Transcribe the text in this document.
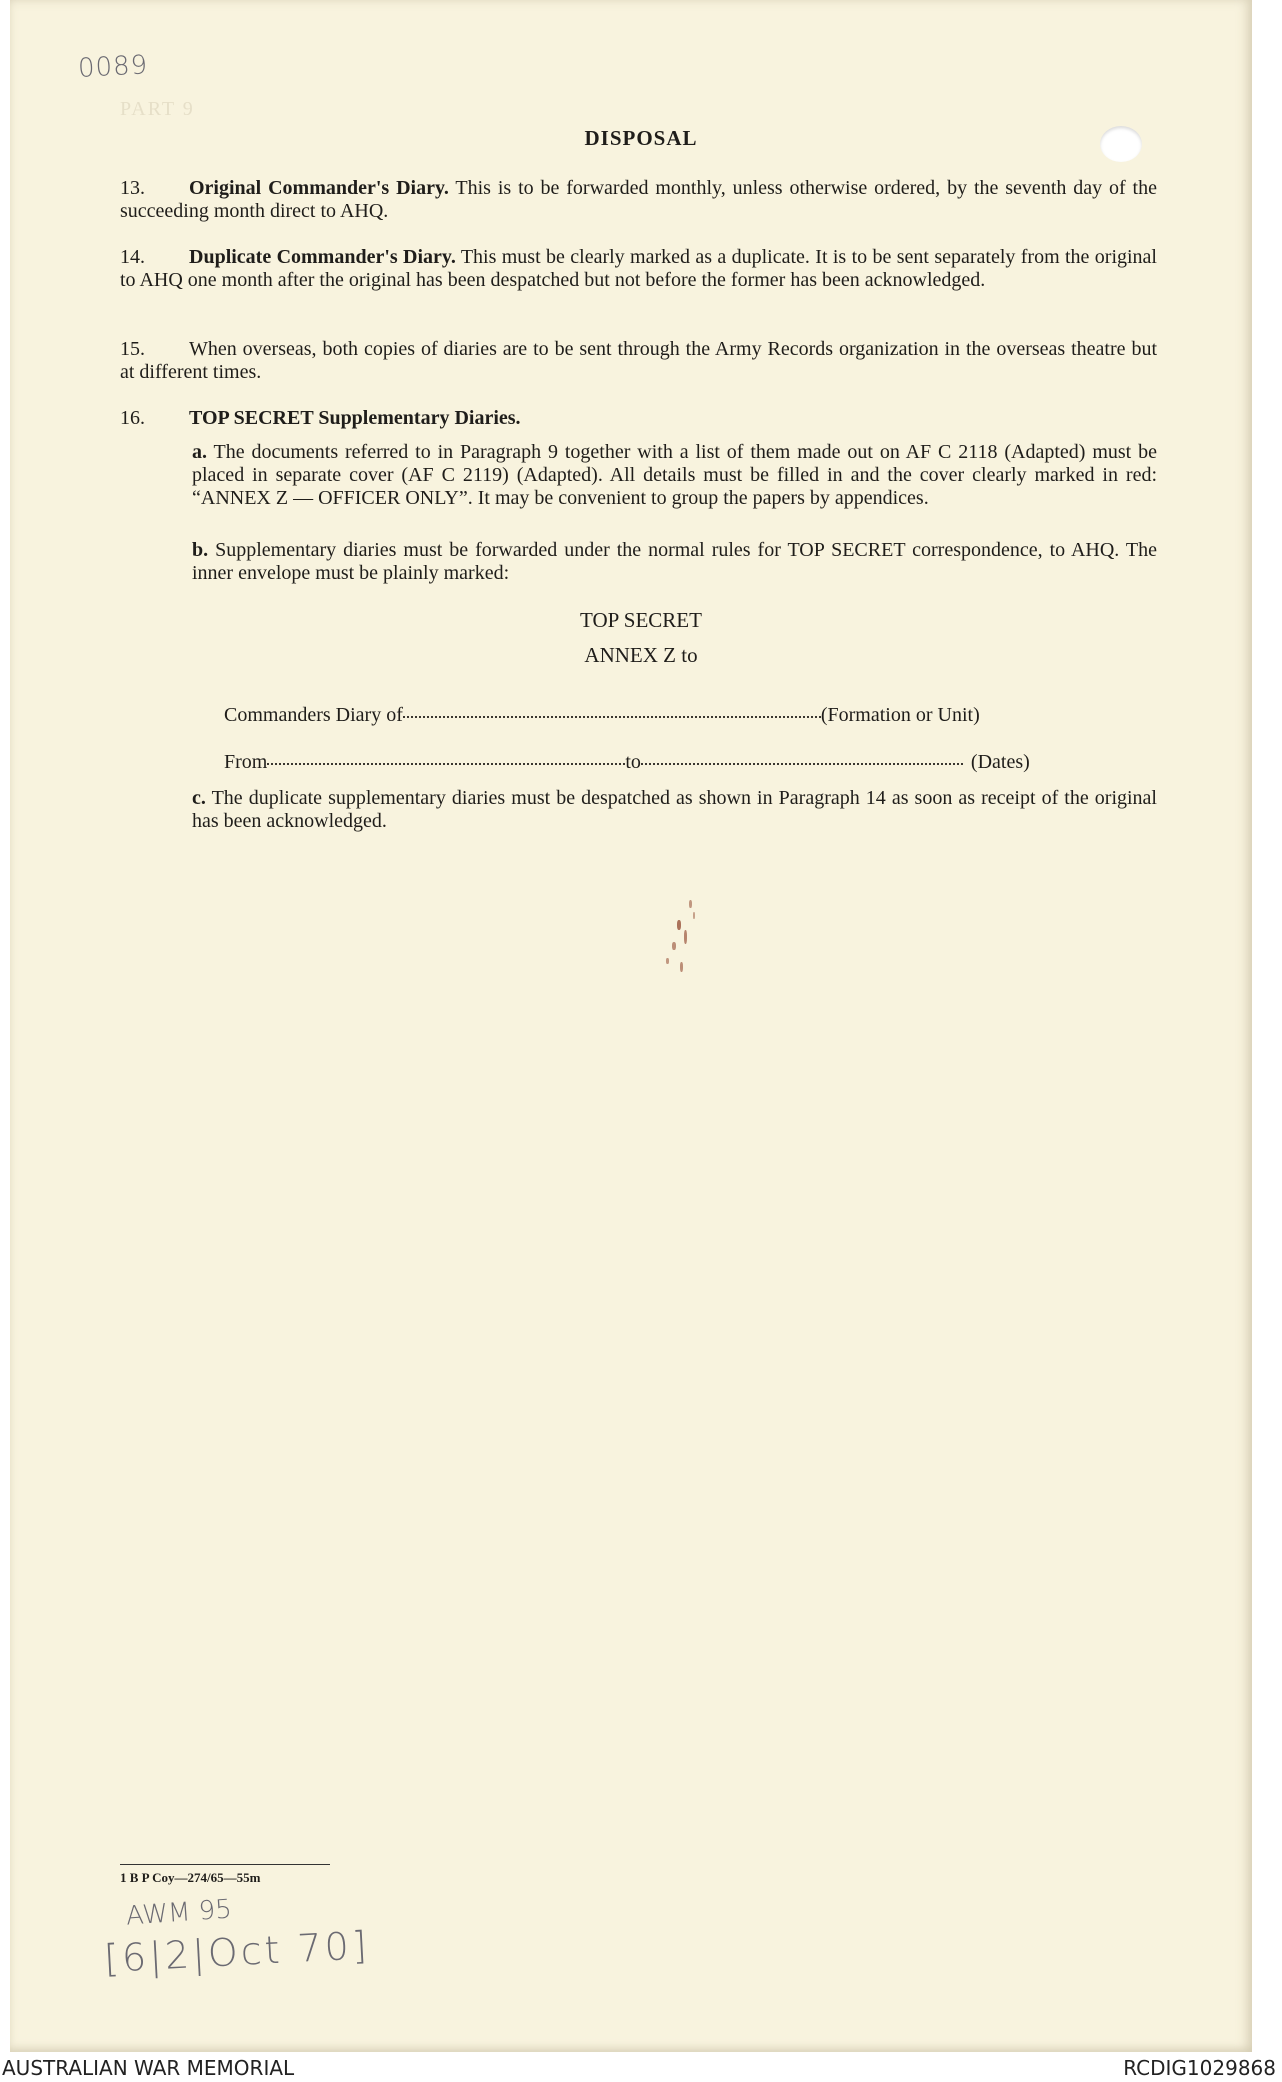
0089
PART 9
DISPOSAL
13. Original Commander's Diary. This is to be forwarded monthly, unless otherwise ordered, by the seventh day of the succeeding month direct to AHQ.
14. Duplicate Commander's Diary. This must be clearly marked as a duplicate. It is to be sent separately from the original to AHQ one month after the original has been despatched but not before the former has been acknowledged.
15. When overseas, both copies of diaries are to be sent through the Army Records organization in the overseas theatre but at different times.
16. TOP SECRET Supplementary Diaries.
a. The documents referred to in Paragraph 9 together with a list of them made out on AF C 2118 (Adapted) must be placed in separate cover (AF C 2119) (Adapted). All details must be filled in and the cover clearly marked in red: “ANNEX Z — OFFICER ONLY”. It may be convenient to group the papers by appendices.
b. Supplementary diaries must be forwarded under the normal rules for TOP SECRET correspondence, to AHQ. The inner envelope must be plainly marked:
TOP SECRET
ANNEX Z to
Commanders Diary of	(Formation or Unit)
From	to	(Dates)
c. The duplicate supplementary diaries must be despatched as shown in Paragraph 14 as soon as receipt of the original has been acknowledged.
1 B P Coy—274/65—55m
AWM 95
[6|2|Oct 70]
AUSTRALIAN WAR MEMORIAL	RCDIG1029868
